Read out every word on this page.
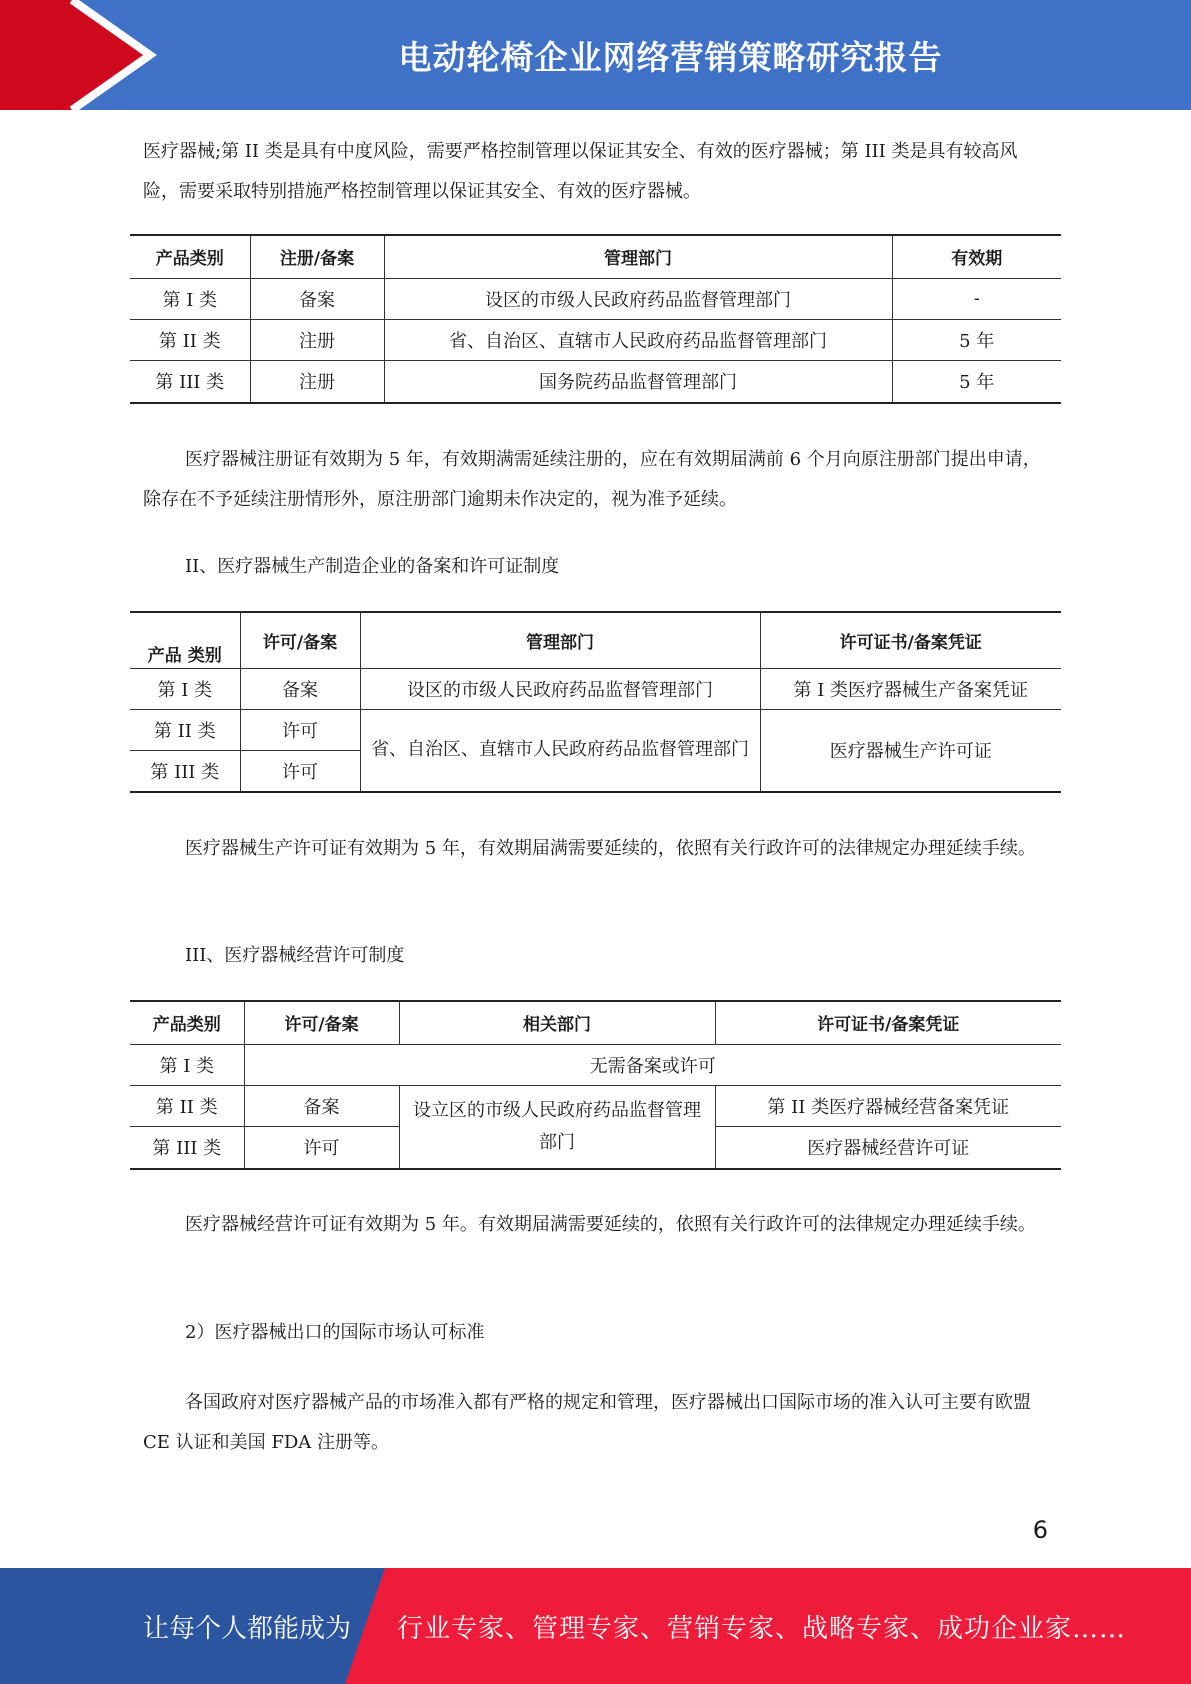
电动轮椅企业网络营销策略研究报告

医疗器械;第 II 类是具有中度风险，需要严格控制管理以保证其安全、有效的医疗器械；第 III 类是具有较高风险，需要采取特别措施严格控制管理以保证其安全、有效的医疗器械。

产品类别	注册/备案	管理部门	有效期
第 I 类	备案	设区的市级人民政府药品监督管理部门	-
第 II 类	注册	省、自治区、直辖市人民政府药品监督管理部门	5 年
第 III 类	注册	国务院药品监督管理部门	5 年

医疗器械注册证有效期为 5 年，有效期满需延续注册的，应在有效期届满前 6 个月向原注册部门提出申请，除存在不予延续注册情形外，原注册部门逾期未作决定的，视为准予延续。

II、医疗器械生产制造企业的备案和许可证制度

产品 类别	许可/备案	管理部门	许可证书/备案凭证
第 I 类	备案	设区的市级人民政府药品监督管理部门	第 I 类医疗器械生产备案凭证
第 II 类	许可	省、自治区、直辖市人民政府药品监督管理部门	医疗器械生产许可证
第 III 类	许可		

医疗器械生产许可证有效期为 5 年，有效期届满需要延续的，依照有关行政许可的法律规定办理延续手续。

III、医疗器械经营许可制度

产品类别	许可/备案	相关部门	许可证书/备案凭证
第 I 类	无需备案或许可		
第 II 类	备案	设立区的市级人民政府药品监督管理部门	第 II 类医疗器械经营备案凭证
第 III 类	许可		医疗器械经营许可证

医疗器械经营许可证有效期为 5 年。有效期届满需要延续的，依照有关行政许可的法律规定办理延续手续。

2）医疗器械出口的国际市场认可标准

各国政府对医疗器械产品的市场准入都有严格的规定和管理，医疗器械出口国际市场的准入认可主要有欧盟 CE 认证和美国 FDA 注册等。

6
让每个人都能成为 行业专家、管理专家、营销专家、战略专家、成功企业家……
